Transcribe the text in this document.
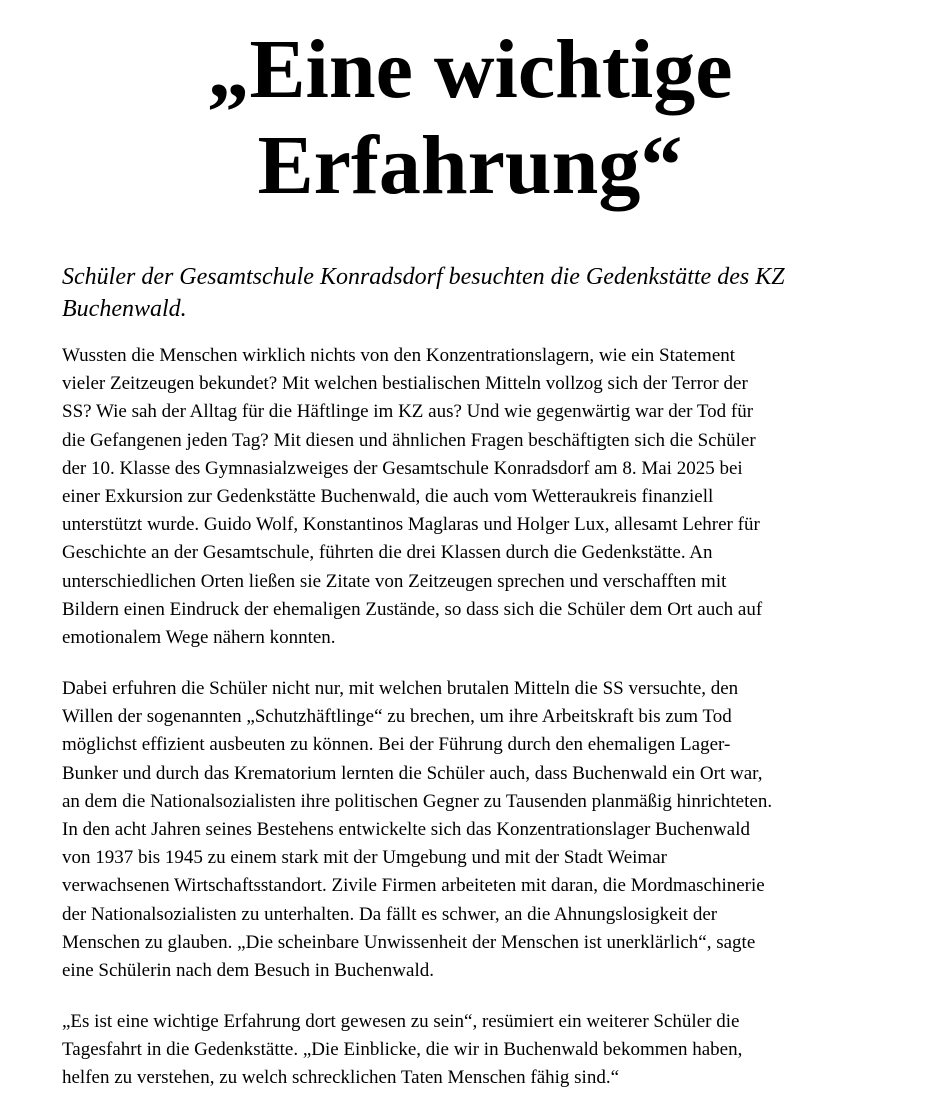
„Eine wichtige
Erfahrung“

Schüler der Gesamtschule Konradsdorf besuchten die Gedenkstätte des KZ
Buchenwald.

Wussten die Menschen wirklich nichts von den Konzentrationslagern, wie ein Statement
vieler Zeitzeugen bekundet? Mit welchen bestialischen Mitteln vollzog sich der Terror der
SS? Wie sah der Alltag für die Häftlinge im KZ aus? Und wie gegenwärtig war der Tod für
die Gefangenen jeden Tag? Mit diesen und ähnlichen Fragen beschäftigten sich die Schüler
der 10. Klasse des Gymnasialzweiges der Gesamtschule Konradsdorf am 8. Mai 2025 bei
einer Exkursion zur Gedenkstätte Buchenwald, die auch vom Wetteraukreis finanziell
unterstützt wurde. Guido Wolf, Konstantinos Maglaras und Holger Lux, allesamt Lehrer für
Geschichte an der Gesamtschule, führten die drei Klassen durch die Gedenkstätte. An
unterschiedlichen Orten ließen sie Zitate von Zeitzeugen sprechen und verschafften mit
Bildern einen Eindruck der ehemaligen Zustände, so dass sich die Schüler dem Ort auch auf
emotionalem Wege nähern konnten.

Dabei erfuhren die Schüler nicht nur, mit welchen brutalen Mitteln die SS versuchte, den
Willen der sogenannten „Schutzhäftlinge“ zu brechen, um ihre Arbeitskraft bis zum Tod
möglichst effizient ausbeuten zu können. Bei der Führung durch den ehemaligen Lager-
Bunker und durch das Krematorium lernten die Schüler auch, dass Buchenwald ein Ort war,
an dem die Nationalsozialisten ihre politischen Gegner zu Tausenden planmäßig hinrichteten.
In den acht Jahren seines Bestehens entwickelte sich das Konzentrationslager Buchenwald
von 1937 bis 1945 zu einem stark mit der Umgebung und mit der Stadt Weimar
verwachsenen Wirtschaftsstandort. Zivile Firmen arbeiteten mit daran, die Mordmaschinerie
der Nationalsozialisten zu unterhalten. Da fällt es schwer, an die Ahnungslosigkeit der
Menschen zu glauben. „Die scheinbare Unwissenheit der Menschen ist unerklärlich“, sagte
eine Schülerin nach dem Besuch in Buchenwald.

„Es ist eine wichtige Erfahrung dort gewesen zu sein“, resümiert ein weiterer Schüler die
Tagesfahrt in die Gedenkstätte. „Die Einblicke, die wir in Buchenwald bekommen haben,
helfen zu verstehen, zu welch schrecklichen Taten Menschen fähig sind.“
